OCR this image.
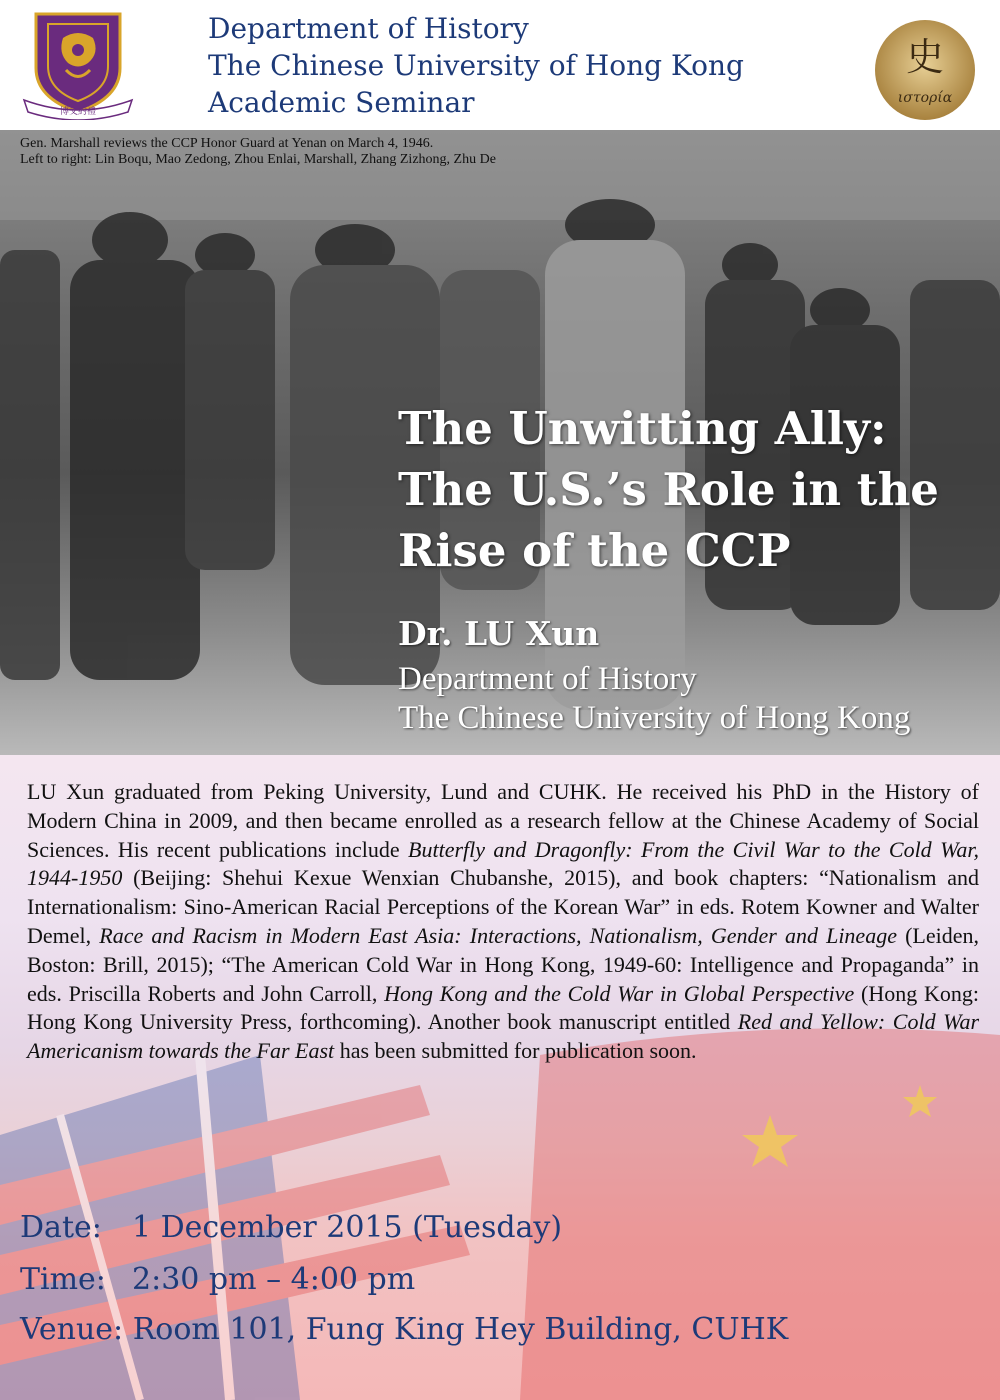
博文約禮
Department of History
The Chinese University of Hong Kong
Academic Seminar
史
ιστορία
Gen. Marshall reviews the CCP Honor Guard at Yenan on March 4, 1946.
Left to right: Lin Boqu, Mao Zedong, Zhou Enlai, Marshall, Zhang Zizhong, Zhu De
The Unwitting Ally:
The U.S.’s Role in the
Rise of the CCP
Dr. LU Xun
Department of History
The Chinese University of Hong Kong
LU Xun graduated from Peking University, Lund and CUHK. He received his PhD in the History of Modern China in 2009, and then became enrolled as a research fellow at the Chinese Academy of Social Sciences. His recent publications include Butterfly and Dragonfly: From the Civil War to the Cold War, 1944-1950 (Beijing: Shehui Kexue Wenxian Chubanshe, 2015), and book chapters: “Nationalism and Internationalism: Sino-American Racial Perceptions of the Korean War” in eds. Rotem Kowner and Walter Demel, Race and Racism in Modern East Asia: Interactions, Nationalism, Gender and Lineage (Leiden, Boston: Brill, 2015); “The American Cold War in Hong Kong, 1949-60: Intelligence and Propaganda” in eds. Priscilla Roberts and John Carroll, Hong Kong and the Cold War in Global Perspective (Hong Kong: Hong Kong University Press, forthcoming). Another book manuscript entitled Red and Yellow: Cold War Americanism towards the Far East has been submitted for publication soon.
Date: 1 December 2015 (Tuesday)
Time: 2:30 pm – 4:00 pm
Venue: Room 101, Fung King Hey Building, CUHK
